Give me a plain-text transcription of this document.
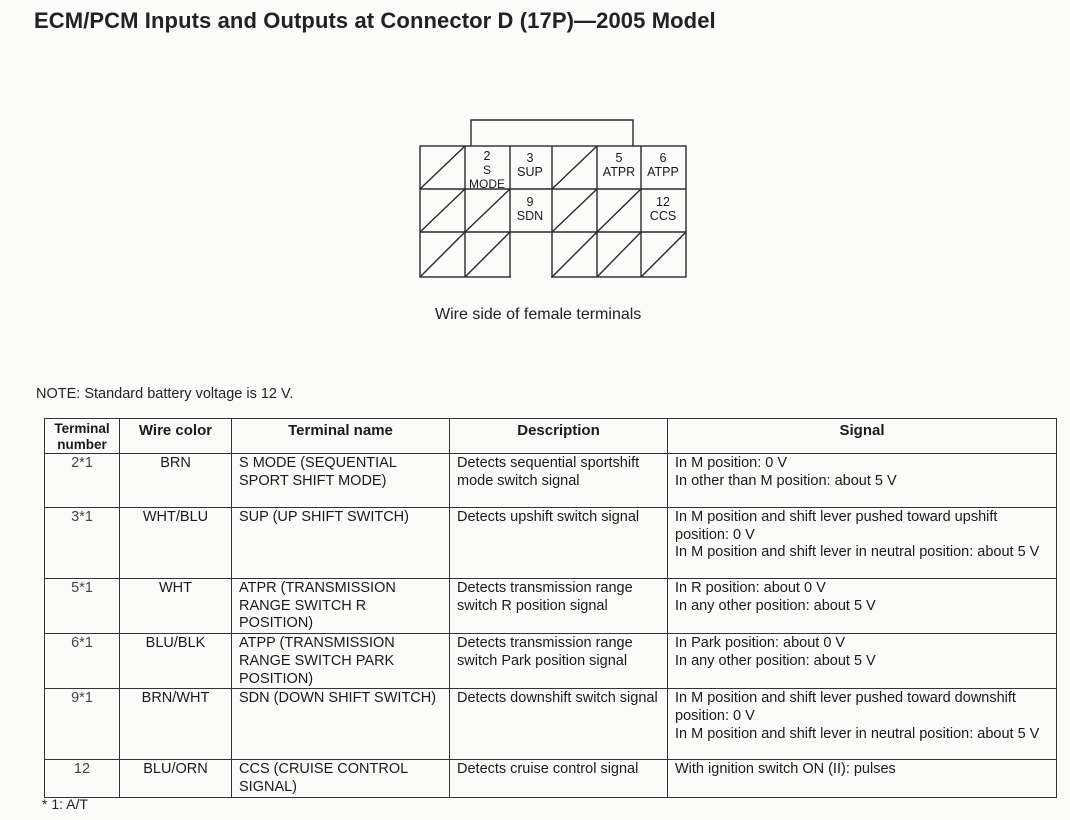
ECM/PCM Inputs and Outputs at Connector D (17P)—2005 Model
2
S MODE
3
SUP
5
ATPR
6
ATPP
9
SDN
12
CCS
Wire side of female terminals
NOTE: Standard battery voltage is 12 V.
Terminal number	Wire color	Terminal name	Description	Signal
2*1	BRN	S MODE (SEQUENTIAL SPORT SHIFT MODE)	Detects sequential sportshift mode switch signal	In M position: 0 V
In other than M position: about 5 V

3*1	WHT/BLU	SUP (UP SHIFT SWITCH)	Detects upshift switch signal	In M position and shift lever pushed toward upshift position: 0 V
In M position and shift lever in neutral position: about 5 V

5*1	WHT	ATPR (TRANSMISSION RANGE SWITCH R POSITION)	Detects transmission range switch R position signal	In R position: about 0 V
In any other position: about 5 V

6*1	BLU/BLK	ATPP (TRANSMISSION RANGE SWITCH PARK POSITION)	Detects transmission range switch Park position signal	In Park position: about 0 V
In any other position: about 5 V

9*1	BRN/WHT	SDN (DOWN SHIFT SWITCH)	Detects downshift switch signal	In M position and shift lever pushed toward downshift position: 0 V
In M position and shift lever in neutral position: about 5 V

12	BLU/ORN	CCS (CRUISE CONTROL SIGNAL)	Detects cruise control signal	With ignition switch ON (II): pulses
* 1: A/T
